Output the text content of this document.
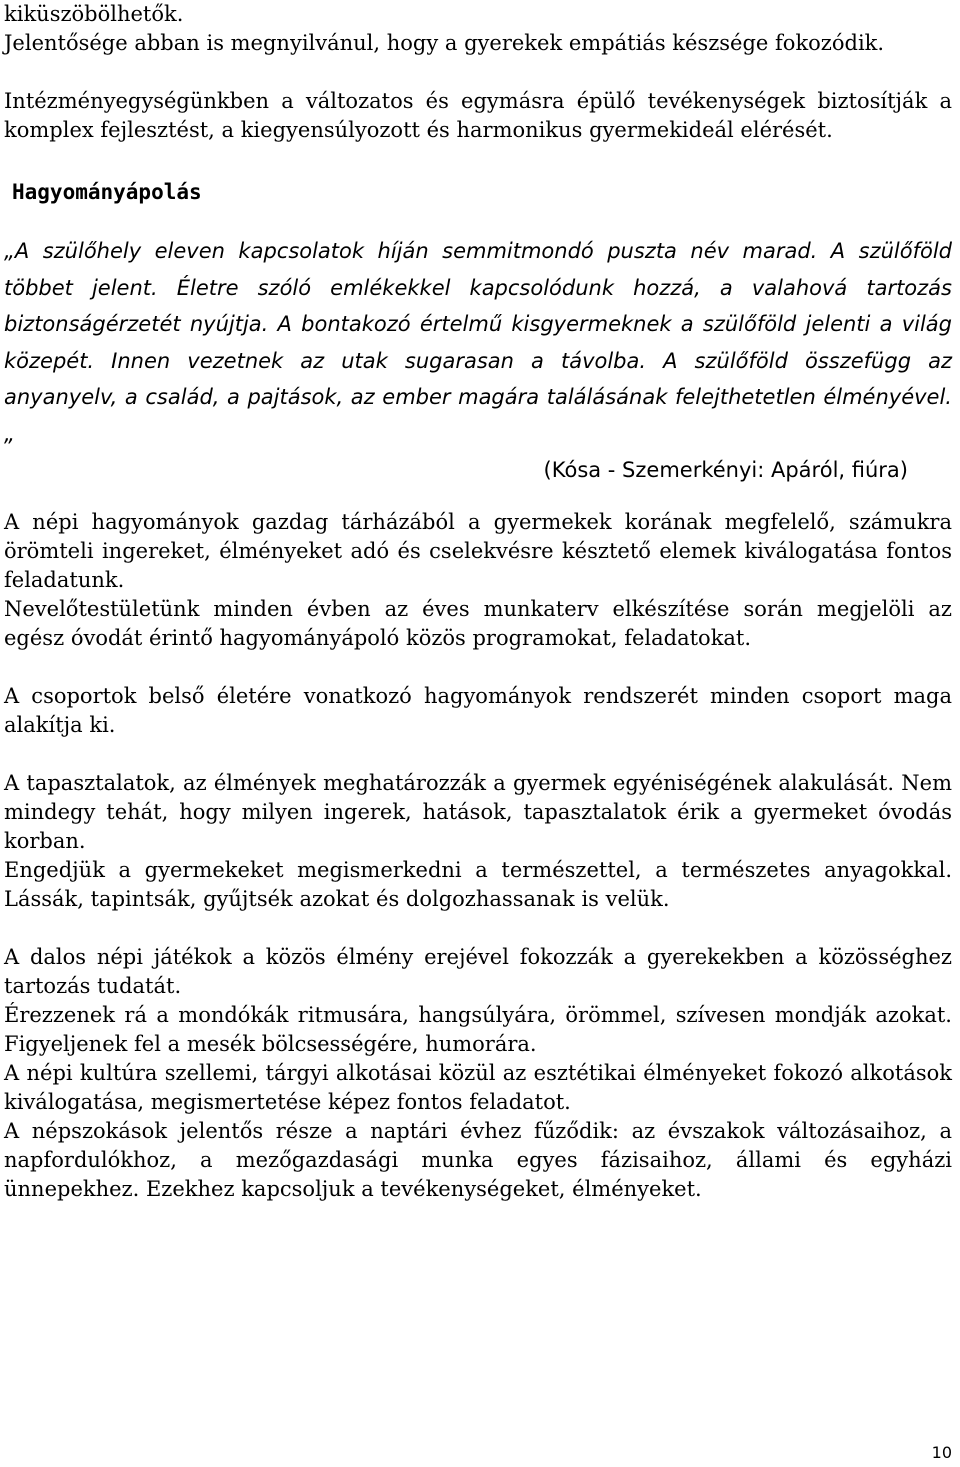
kiküszöbölhetők.

Jelentősége abban is megnyilvánul, hogy a gyerekek empátiás készsége fokozódik.

Intézményegységünkben a változatos és egymásra épülő tevékenységek biztosítják a komplex fejlesztést, a kiegyensúlyozott és harmonikus gyermekideál elérését.

Hagyományápolás

„A szülőhely eleven kapcsolatok híján semmitmondó puszta név marad. A szülőföld többet jelent. Életre szóló emlékekkel kapcsolódunk hozzá, a valahová tartozás biztonságérzetét nyújtja. A bontakozó értelmű kisgyermeknek a szülőföld jelenti a világ közepét. Innen vezetnek az utak sugarasan a távolba. A szülőföld összefügg az anyanyelv, a család, a pajtások, az ember magára találásának felejthetetlen élményével.„

(Kósa - Szemerkényi: Apáról, fiúra)

A népi hagyományok gazdag tárházából a gyermekek korának megfelelő, számukra örömteli ingereket, élményeket adó és cselekvésre késztető elemek kiválogatása fontos feladatunk.

Nevelőtestületünk minden évben az éves munkaterv elkészítése során megjelöli az egész óvodát érintő hagyományápoló közös programokat, feladatokat.

A csoportok belső életére vonatkozó hagyományok rendszerét minden csoport maga alakítja ki.

A tapasztalatok, az élmények meghatározzák a gyermek egyéniségének alakulását. Nem mindegy tehát, hogy milyen ingerek, hatások, tapasztalatok érik a gyermeket óvodás korban.

Engedjük a gyermekeket megismerkedni a természettel, a természetes anyagokkal. Lássák, tapintsák, gyűjtsék azokat és dolgozhassanak is velük.

A dalos népi játékok a közös élmény erejével fokozzák a gyerekekben a közösséghez tartozás tudatát.

Érezzenek rá a mondókák ritmusára, hangsúlyára, örömmel, szívesen mondják azokat. Figyeljenek fel a mesék bölcsességére, humorára.

A népi kultúra szellemi, tárgyi alkotásai közül az esztétikai élményeket fokozó alkotások kiválogatása, megismertetése képez fontos feladatot.

A népszokások jelentős része a naptári évhez fűződik: az évszakok változásaihoz, a napfordulókhoz, a mezőgazdasági munka egyes fázisaihoz, állami és egyházi ünnepekhez. Ezekhez kapcsoljuk a tevékenységeket, élményeket.

10
